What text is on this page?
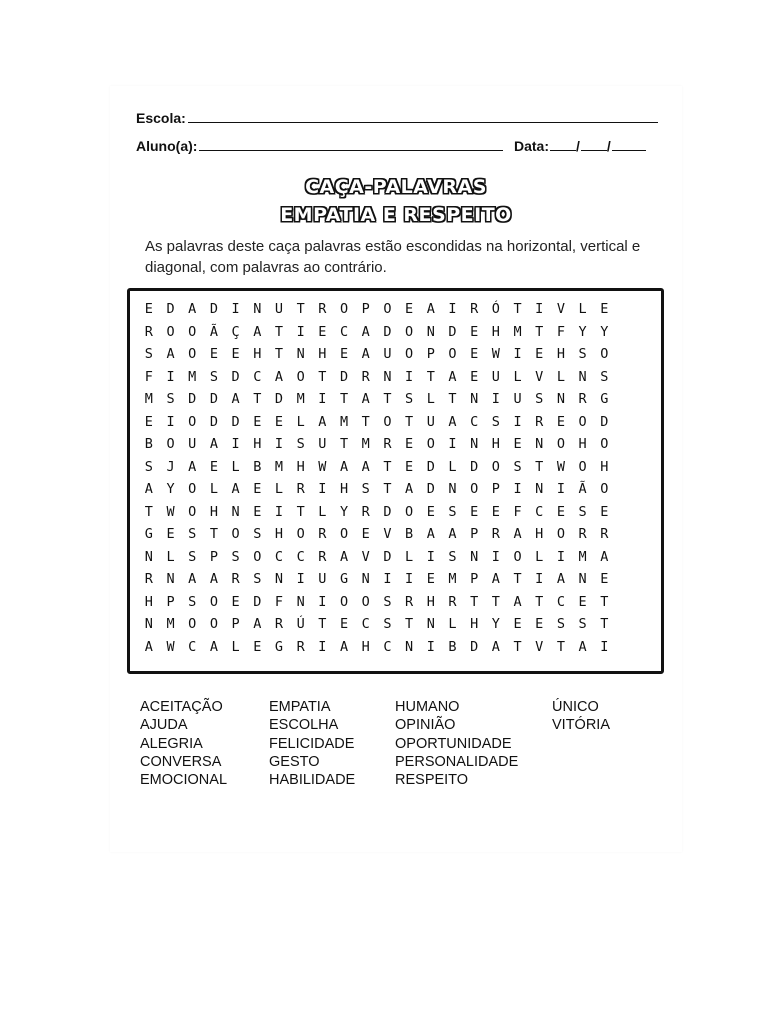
Escola:
Aluno(a):	Data: / /
CAÇA-PALAVRAS
EMPATIA E RESPEITO
As palavras deste caça palavras estão escondidas na horizontal, vertical e diagonal, com palavras ao contrário.
E	D	A	D	I	N	U	T	R	O	P	O	E	A	I	R	Ó	T	I	V	L	E
R	O	O	Ã	Ç	A	T	I	E	C	A	D	O	N	D	E	H	M	T	F	Y	Y
S	A	O	E	E	H	T	N	H	E	A	U	O	P	O	E	W	I	E	H	S	O
F	I	M	S	D	C	A	O	T	D	R	N	I	T	A	E	U	L	V	L	N	S
M	S	D	D	A	T	D	M	I	T	A	T	S	L	T	N	I	U	S	N	R	G
E	I	O	D	D	E	E	L	A	M	T	O	T	U	A	C	S	I	R	E	O	D
B	O	U	A	I	H	I	S	U	T	M	R	E	O	I	N	H	E	N	O	H	O
S	J	A	E	L	B	M	H	W	A	A	T	E	D	L	D	O	S	T	W	O	H
A	Y	O	L	A	E	L	R	I	H	S	T	A	D	N	O	P	I	N	I	Ã	O
T	W	O	H	N	E	I	T	L	Y	R	D	O	E	S	E	E	F	C	E	S	E
G	E	S	T	O	S	H	O	R	O	E	V	B	A	A	P	R	A	H	O	R	R
N	L	S	P	S	O	C	C	R	A	V	D	L	I	S	N	I	O	L	I	M	A
R	N	A	A	R	S	N	I	U	G	N	I	I	E	M	P	A	T	I	A	N	E
H	P	S	O	E	D	F	N	I	O	O	S	R	H	R	T	T	A	T	C	E	T
N	M	O	O	P	A	R	Ú	T	E	C	S	T	N	L	H	Y	E	E	S	S	T
A	W	C	A	L	E	G	R	I	A	H	C	N	I	B	D	A	T	V	T	A	I
ACEITAÇÃO
AJUDA
ALEGRIA
CONVERSA
EMOCIONAL
EMPATIA
ESCOLHA
FELICIDADE
GESTO
HABILIDADE
HUMANO
OPINIÃO
OPORTUNIDADE
PERSONALIDADE
RESPEITO
ÚNICO
VITÓRIA
